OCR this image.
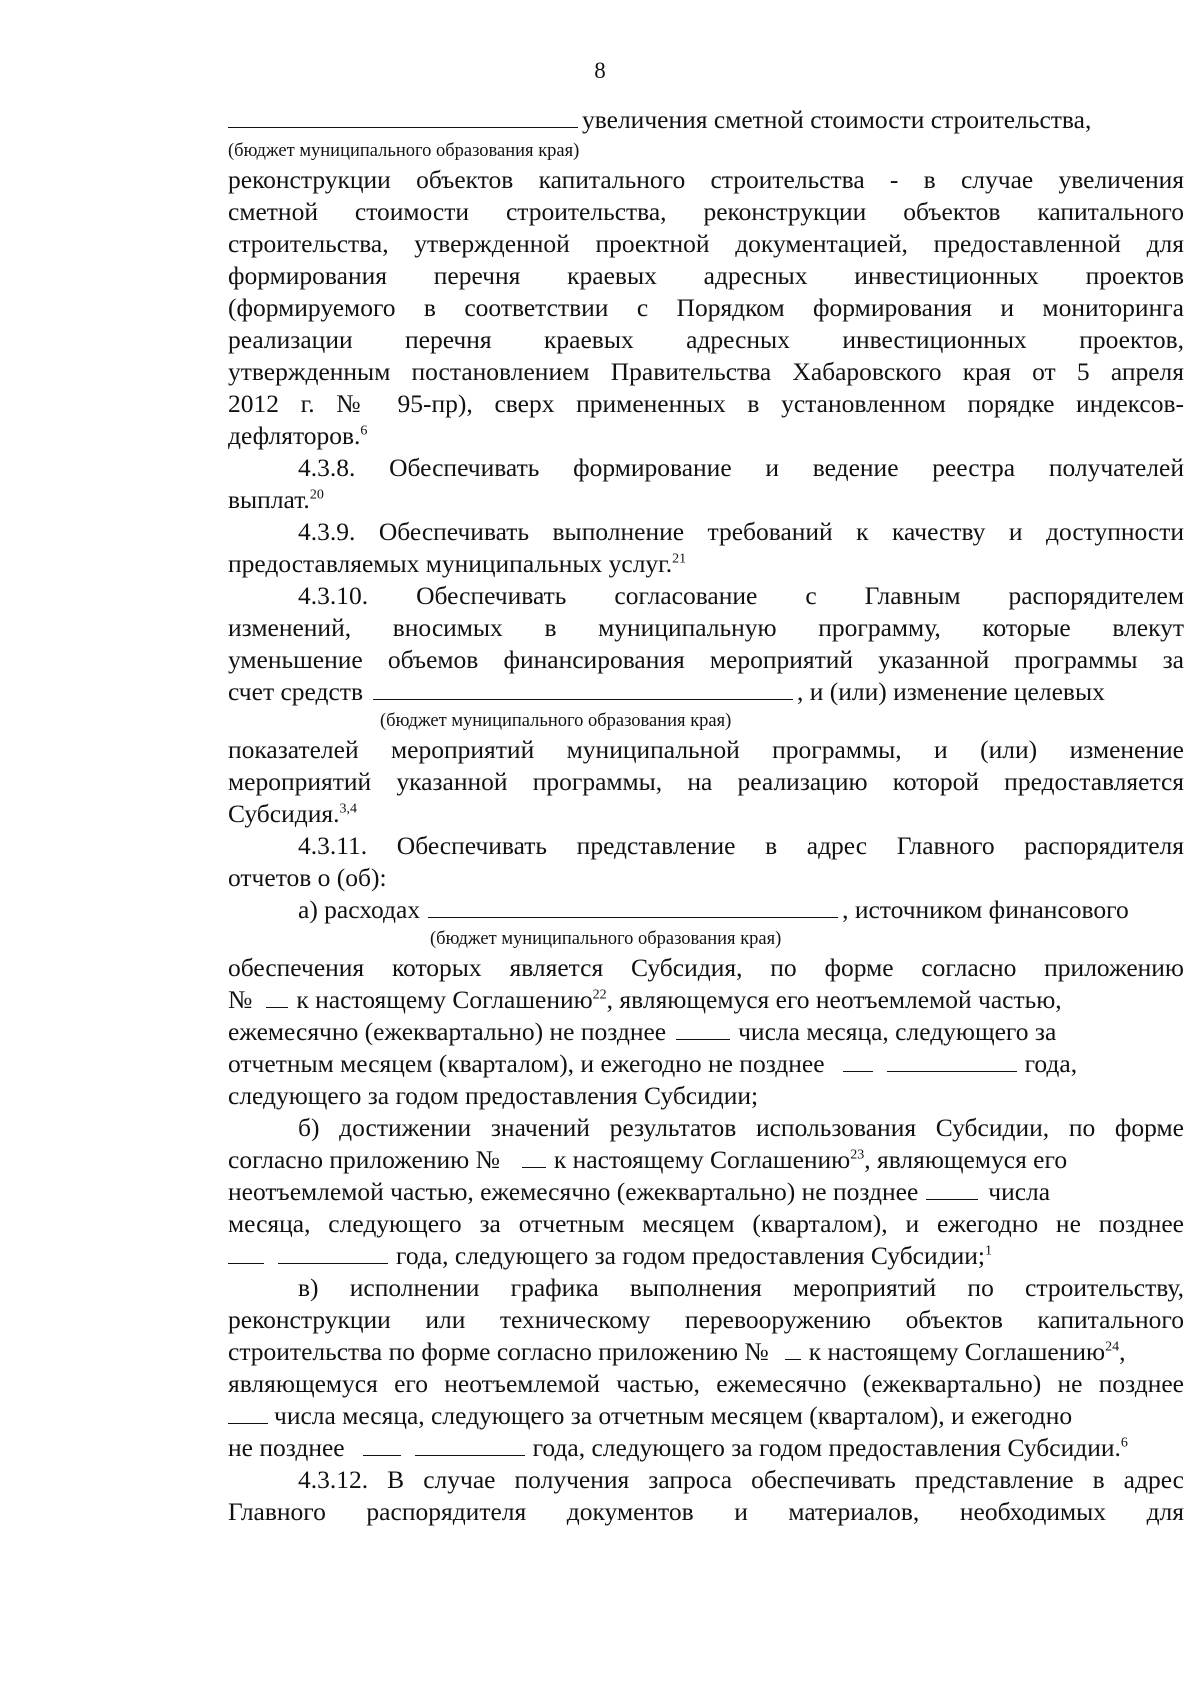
8
увеличения сметной стоимости строительства,
(бюджет муниципального образования края)
реконструкции объектов капитального строительства - в случае увеличения
сметной стоимости строительства, реконструкции объектов капитального
строительства, утвержденной проектной документацией, предоставленной для
формирования перечня краевых адресных инвестиционных проектов
(формируемого в соответствии с Порядком формирования и мониторинга
реализации перечня краевых адресных инвестиционных проектов,
утвержденным постановлением Правительства Хабаровского края от 5 апреля
2012 г. № 95-пр), сверх примененных в установленном порядке индексов-
дефляторов.$^6$
4.3.8. Обеспечивать формирование и ведение реестра получателей
выплат.$^{20}$
4.3.9. Обеспечивать выполнение требований к качеству и доступности
предоставляемых муниципальных услуг.$^{21}$
4.3.10. Обеспечивать согласование с Главным распорядителем
изменений, вносимых в муниципальную программу, которые влекут
уменьшение объемов финансирования мероприятий указанной программы за
счет средств	, и (или) изменение целевых
(бюджет муниципального образования края)
показателей мероприятий муниципальной программы, и (или) изменение
мероприятий указанной программы, на реализацию которой предоставляется
Субсидия.$^{3,4}$
4.3.11. Обеспечивать представление в адрес Главного распорядителя
отчетов о (об):
а) расходах	, источником финансового
(бюджет муниципального образования края)
обеспечения которых является Субсидия, по форме согласно приложению
№ к настоящему Соглашению$^{22}$, являющемуся его неотъемлемой частью,
ежемесячно (ежеквартально) не позднее	числа месяца, следующего за
отчетным месяцем (кварталом), и ежегодно не позднее	года,
следующего за годом предоставления Субсидии;
б) достижении значений результатов использования Субсидии, по форме
согласно приложению № к настоящему Соглашению$^{23}$, являющемуся его
неотъемлемой частью, ежемесячно (ежеквартально) не позднее	числа
месяца, следующего за отчетным месяцем (кварталом), и ежегодно не позднее
года, следующего за годом предоставления Субсидии;$^1$
в) исполнении графика выполнения мероприятий по строительству,
реконструкции или техническому перевооружению объектов капитального
строительства по форме согласно приложению № к настоящему Соглашению$^{24}$,
являющемуся его неотъемлемой частью, ежемесячно (ежеквартально) не позднее
числа месяца, следующего за отчетным месяцем (кварталом), и ежегодно
не позднее	года, следующего за годом предоставления Субсидии.$^6$
4.3.12. В случае получения запроса обеспечивать представление в адрес
Главного распорядителя документов и материалов, необходимых для
